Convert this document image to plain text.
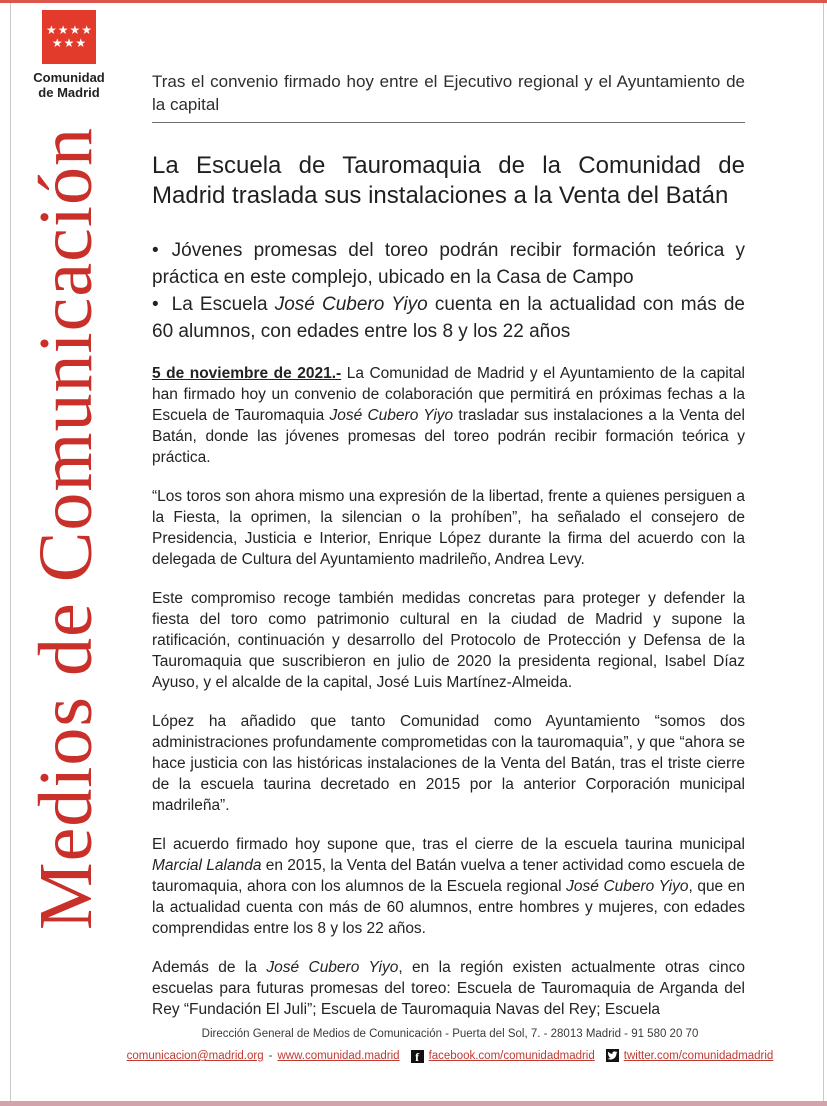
★ ★ ★ ★
★ ★ ★
Comunidad
de Madrid
Medios de Comunicación
Tras el convenio firmado hoy entre el Ejecutivo regional y el Ayuntamiento de la capital
La Escuela de Tauromaquia de la Comunidad de Madrid traslada sus instalaciones a la Venta del Batán
• Jóvenes promesas del toreo podrán recibir formación teórica y práctica en este complejo, ubicado en la Casa de Campo
• La Escuela José Cubero Yiyo cuenta en la actualidad con más de 60 alumnos, con edades entre los 8 y los 22 años

5 de noviembre de 2021.- La Comunidad de Madrid y el Ayuntamiento de la capital han firmado hoy un convenio de colaboración que permitirá en próximas fechas a la Escuela de Tauromaquia José Cubero Yiyo trasladar sus instalaciones a la Venta del Batán, donde las jóvenes promesas del toreo podrán recibir formación teórica y práctica.

“Los toros son ahora mismo una expresión de la libertad, frente a quienes persiguen a la Fiesta, la oprimen, la silencian o la prohíben”, ha señalado el consejero de Presidencia, Justicia e Interior, Enrique López durante la firma del acuerdo con la delegada de Cultura del Ayuntamiento madrileño, Andrea Levy.

Este compromiso recoge también medidas concretas para proteger y defender la fiesta del toro como patrimonio cultural en la ciudad de Madrid y supone la ratificación, continuación y desarrollo del Protocolo de Protección y Defensa de la Tauromaquia que suscribieron en julio de 2020 la presidenta regional, Isabel Díaz Ayuso, y el alcalde de la capital, José Luis Martínez-Almeida.

López ha añadido que tanto Comunidad como Ayuntamiento “somos dos administraciones profundamente comprometidas con la tauromaquia”, y que “ahora se hace justicia con las históricas instalaciones de la Venta del Batán, tras el triste cierre de la escuela taurina decretado en 2015 por la anterior Corporación municipal madrileña”.

El acuerdo firmado hoy supone que, tras el cierre de la escuela taurina municipal Marcial Lalanda en 2015, la Venta del Batán vuelva a tener actividad como escuela de tauromaquia, ahora con los alumnos de la Escuela regional José Cubero Yiyo, que en la actualidad cuenta con más de 60 alumnos, entre hombres y mujeres, con edades comprendidas entre los 8 y los 22 años.

Además de la José Cubero Yiyo, en la región existen actualmente otras cinco escuelas para futuras promesas del toreo: Escuela de Tauromaquia de Arganda del Rey “Fundación El Juli”; Escuela de Tauromaquia Navas del Rey; Escuela

Dirección General de Medios de Comunicación - Puerta del Sol, 7. - 28013 Madrid - 91 580 20 70
comunicacion@madrid.org - www.comunidad.madrid f facebook.com/comunidadmadrid	twitter.com/comunidadmadrid
